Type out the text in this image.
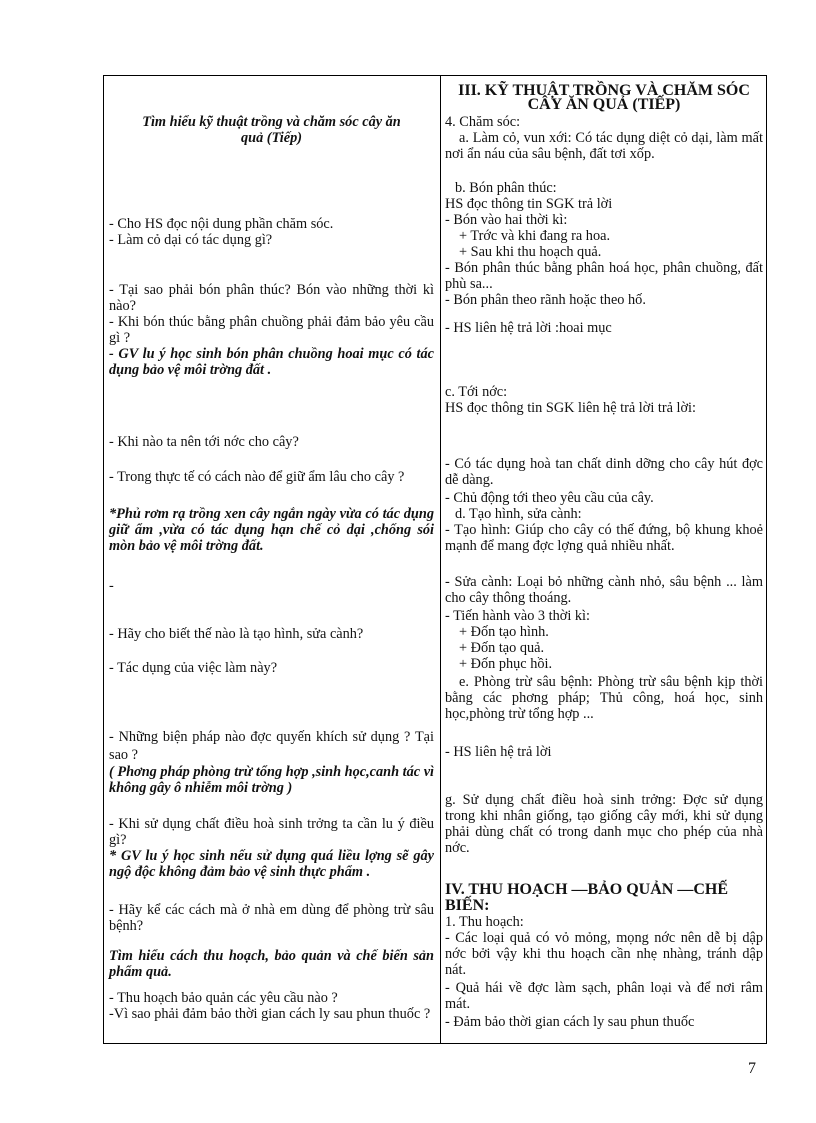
Tìm hiểu kỹ thuật trồng và chăm sóc cây ăn quả (Tiếp)

- Cho HS đọc nội dung phần chăm sóc.

- Làm cỏ dại có tác dụng gì?

- Tại sao phải bón phân thúc? Bón vào những thời kì nào?

- Khi bón thúc bằng phân chuồng phải đảm bảo yêu cầu gì ?

- GV lu ý học sinh bón phân chuồng hoai mục có tác dụng bảo vệ môi trờng đất .

- Khi nào ta nên tới nớc cho cây?

- Trong thực tế có cách nào để giữ ẩm lâu cho cây ?

*Phủ rơm rạ trồng xen cây ngắn ngày vừa có tác dụng giữ ẩm ,vừa có tác dụng hạn chế cỏ dại ,chống sói mòn bảo vệ môi trờng đất.

-

- Hãy cho biết thế nào là tạo hình, sửa cành?

- Tác dụng của việc làm này?

- Những biện pháp nào đợc quyến khích sử dụng ? Tại sao ?

( Phơng pháp phòng trừ tổng hợp ,sinh học,canh tác vì không gây ô nhiễm môi trờng )

- Khi sử dụng chất điều hoà sinh trởng ta cần lu ý điều gì?

* GV lu ý học sinh nếu sử dụng quá liều lợng sẽ gây ngộ độc không đảm bảo vệ sinh thực phẩm .

- Hãy kể các cách mà ở nhà em dùng để phòng trừ sâu bệnh?

Tìm hiểu cách thu hoạch, bảo quản và chế biến sản phẩm quả.

- Thu hoạch bảo quản các yêu cầu nào ?

-Vì sao phải đảm bảo thời gian cách ly sau phun thuốc ?

III. KỸ THUẬT TRỒNG VÀ CHĂM SÓC CÂY ĂN QUẢ (TIẾP)

4. Chăm sóc:

a. Làm cỏ, vun xới: Có tác dụng diệt cỏ dại, làm mất nơi ẩn náu của sâu bệnh, đất tơi xốp.

b. Bón phân thúc:

HS đọc thông tin SGK trả lời

- Bón vào hai thời kì:

+ Trớc và khi đang ra hoa.

+ Sau khi thu hoạch quả.

- Bón phân thúc bằng phân hoá học, phân chuồng, đất phù sa...

- Bón phân theo rãnh hoặc theo hố.

- HS liên hệ trả lời :hoai mục

c. Tới nớc:

HS đọc thông tin SGK liên hệ trả lời trả lời:

- Có tác dụng hoà tan chất dinh dỡng cho cây hút đợc dễ dàng.

- Chủ động tới theo yêu cầu của cây.

d. Tạo hình, sửa cành:

- Tạo hình: Giúp cho cây có thế đứng, bộ khung khoẻ mạnh để mang đợc lợng quả nhiều nhất.

- Sửa cành: Loại bỏ những cành nhỏ, sâu bệnh ... làm cho cây thông thoáng.

- Tiến hành vào 3 thời kì:

+ Đốn tạo hình.

+ Đốn tạo quả.

+ Đốn phục hồi.

e. Phòng trừ sâu bệnh: Phòng trừ sâu bệnh kịp thời bằng các phơng pháp; Thủ công, hoá học, sinh học,phòng trừ tổng hợp ...

- HS liên hệ trả lời

g. Sử dụng chất điều hoà sinh trởng: Đợc sử dụng trong khi nhân giống, tạo giống cây mới, khi sử dụng phải dùng chất có trong danh mục cho phép của nhà nớc.

IV. THU HOẠCH —BẢO QUẢN —CHẾ BIẾN:

1. Thu hoạch:

- Các loại quả có vỏ mỏng, mọng nớc nên dễ bị dập nớc bởi vậy khi thu hoạch cần nhẹ nhàng, tránh dập nát.

- Quả hái về đợc làm sạch, phân loại và để nơi râm mát.

- Đảm bảo thời gian cách ly sau phun thuốc

7
